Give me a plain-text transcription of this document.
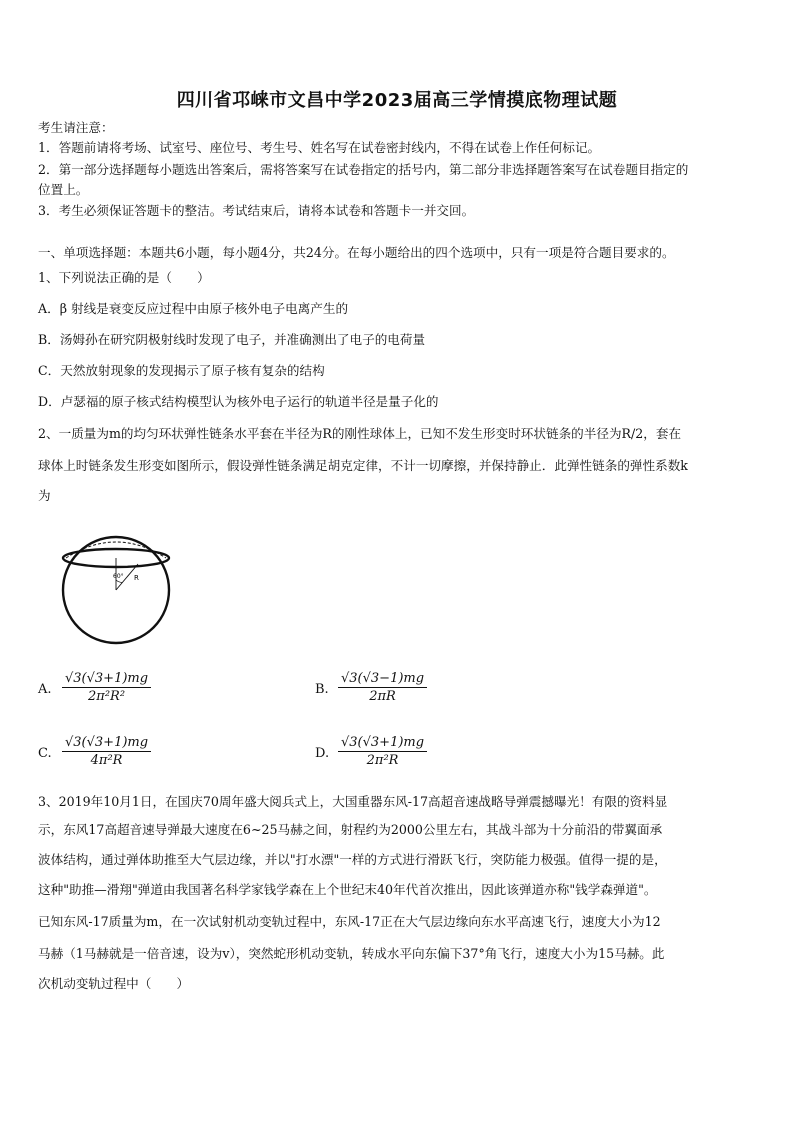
四川省邛崃市文昌中学2023届高三学情摸底物理试题
考生请注意：
1．答题前请将考场、试室号、座位号、考生号、姓名写在试卷密封线内，不得在试卷上作任何标记。
2．第一部分选择题每小题选出答案后，需将答案写在试卷指定的括号内，第二部分非选择题答案写在试卷题目指定的
位置上。
3．考生必须保证答题卡的整洁。考试结束后，请将本试卷和答题卡一并交回。
一、单项选择题：本题共6小题，每小题4分，共24分。在每小题给出的四个选项中，只有一项是符合题目要求的。
1、下列说法正确的是（　　）
A．β 射线是衰变反应过程中由原子核外电子电离产生的
B．汤姆孙在研究阴极射线时发现了电子，并准确测出了电子的电荷量
C．天然放射现象的发现揭示了原子核有复杂的结构
D．卢瑟福的原子核式结构模型认为核外电子运行的轨道半径是量子化的
2、一质量为m的均匀环状弹性链条水平套在半径为R的刚性球体上，已知不发生形变时环状链条的半径为R/2，套在
球体上时链条发生形变如图所示，假设弹性链条满足胡克定律，不计一切摩擦，并保持静止．此弹性链条的弹性系数k
为
60° R
A. $\frac{√3(√3+1)mg}{\text{2π²R²}}$	B. $\frac{√3(√3-1)mg}{2\pi R}$
C. $\frac{√3(√3+1)mg}{\text{4π²R}}$	D. $\frac{√3(√3+1)mg}{\text{2π²R}}$
3、2019年10月1日，在国庆70周年盛大阅兵式上，大国重器东风-17高超音速战略导弹震撼曝光！有限的资料显
示，东风17高超音速导弹最大速度在6~25马赫之间，射程约为2000公里左右，其战斗部为十分前沿的带翼面承
波体结构，通过弹体助推至大气层边缘，并以"打水漂"一样的方式进行滑跃飞行，突防能力极强。值得一提的是，
这种"助推—滑翔"弹道由我国著名科学家钱学森在上个世纪末40年代首次推出，因此该弹道亦称"钱学森弹道"。
已知东风-17质量为m，在一次试射机动变轨过程中，东风-17正在大气层边缘向东水平高速飞行，速度大小为12
马赫（1马赫就是一倍音速，设为v），突然蛇形机动变轨，转成水平向东偏下37°角飞行，速度大小为15马赫。此
次机动变轨过程中（　　）
